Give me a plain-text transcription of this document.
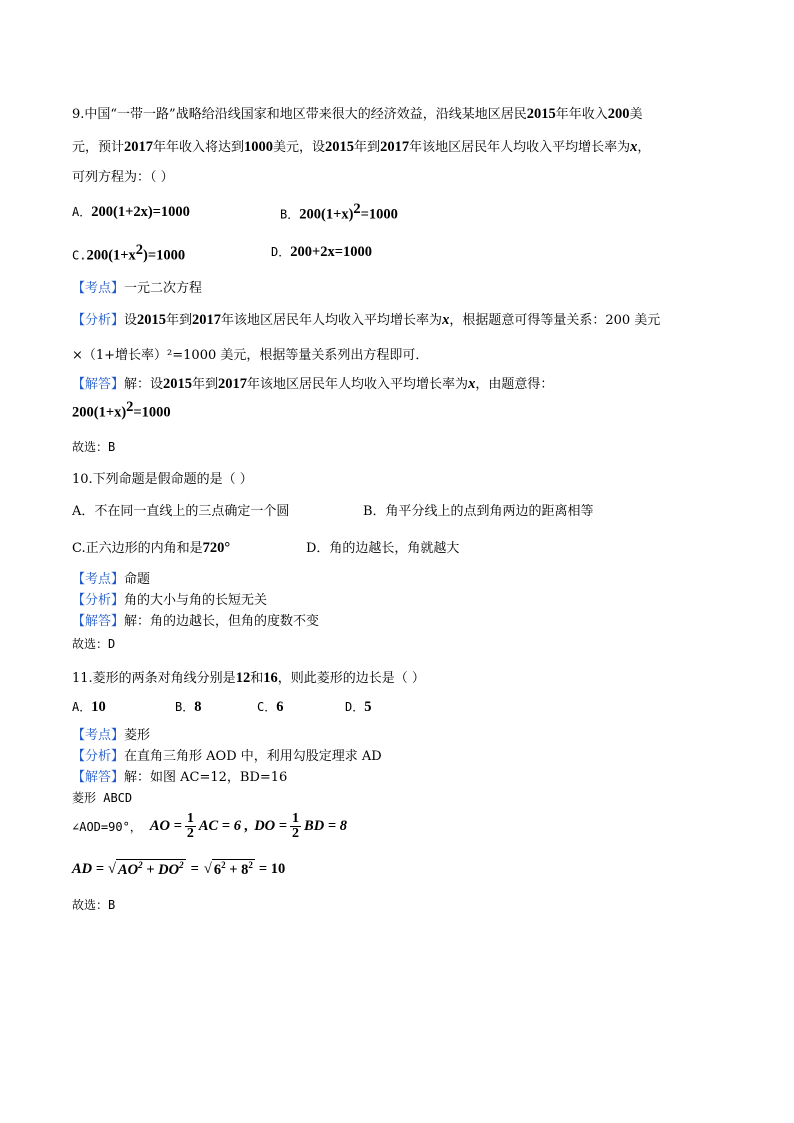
9.中国“一带一路”战略给沿线国家和地区带来很大的经济效益，沿线某地区居民2015年年收入200美
元，预计2017年年收入将达到1000美元，设2015年到2017年该地区居民年人均收入平均增长率为x，
可列方程为：（ ）
A．200(1+2x)=1000	B．$200(1+x)^2=1000$
$C.200(1+x^2)=1000$	D．200+2x=1000
【考点】一元二次方程
【分析】设2015年到2017年该地区居民年人均收入平均增长率为x，根据题意可得等量关系：200 美元
×（1+增长率）²=1000 美元，根据等量关系列出方程即可．
【解答】解：设2015年到2017年该地区居民年人均收入平均增长率为x，由题意得：
$200(1+x)^2=1000$
故选：B
10.下列命题是假命题的是（ ）
A．不在同一直线上的三点确定一个圆	B．角平分线上的点到角两边的距离相等
C.正六边形的内角和是720°	D．角的边越长，角就越大
【考点】命题
【分析】角的大小与角的长短无关
【解答】解：角的边越长，但角的度数不变
故选：D
11.菱形的两条对角线分别是12和16，则此菱形的边长是（ ）
A．10	B．8	C．6	D．5
【考点】菱形
【分析】在直角三角形 AOD 中，利用勾股定理求 AD
【解答】解：如图 AC=12，BD=16
菱形 ABCD
∠AOD=90°， AO = $\frac{1}{2}$ AC = 6 , DO = $\frac{1}{2}$ BD = 8
AD = √ $AO^2 + DO^2$ = √ $6^2 + 8^2 = 10$
故选：B
